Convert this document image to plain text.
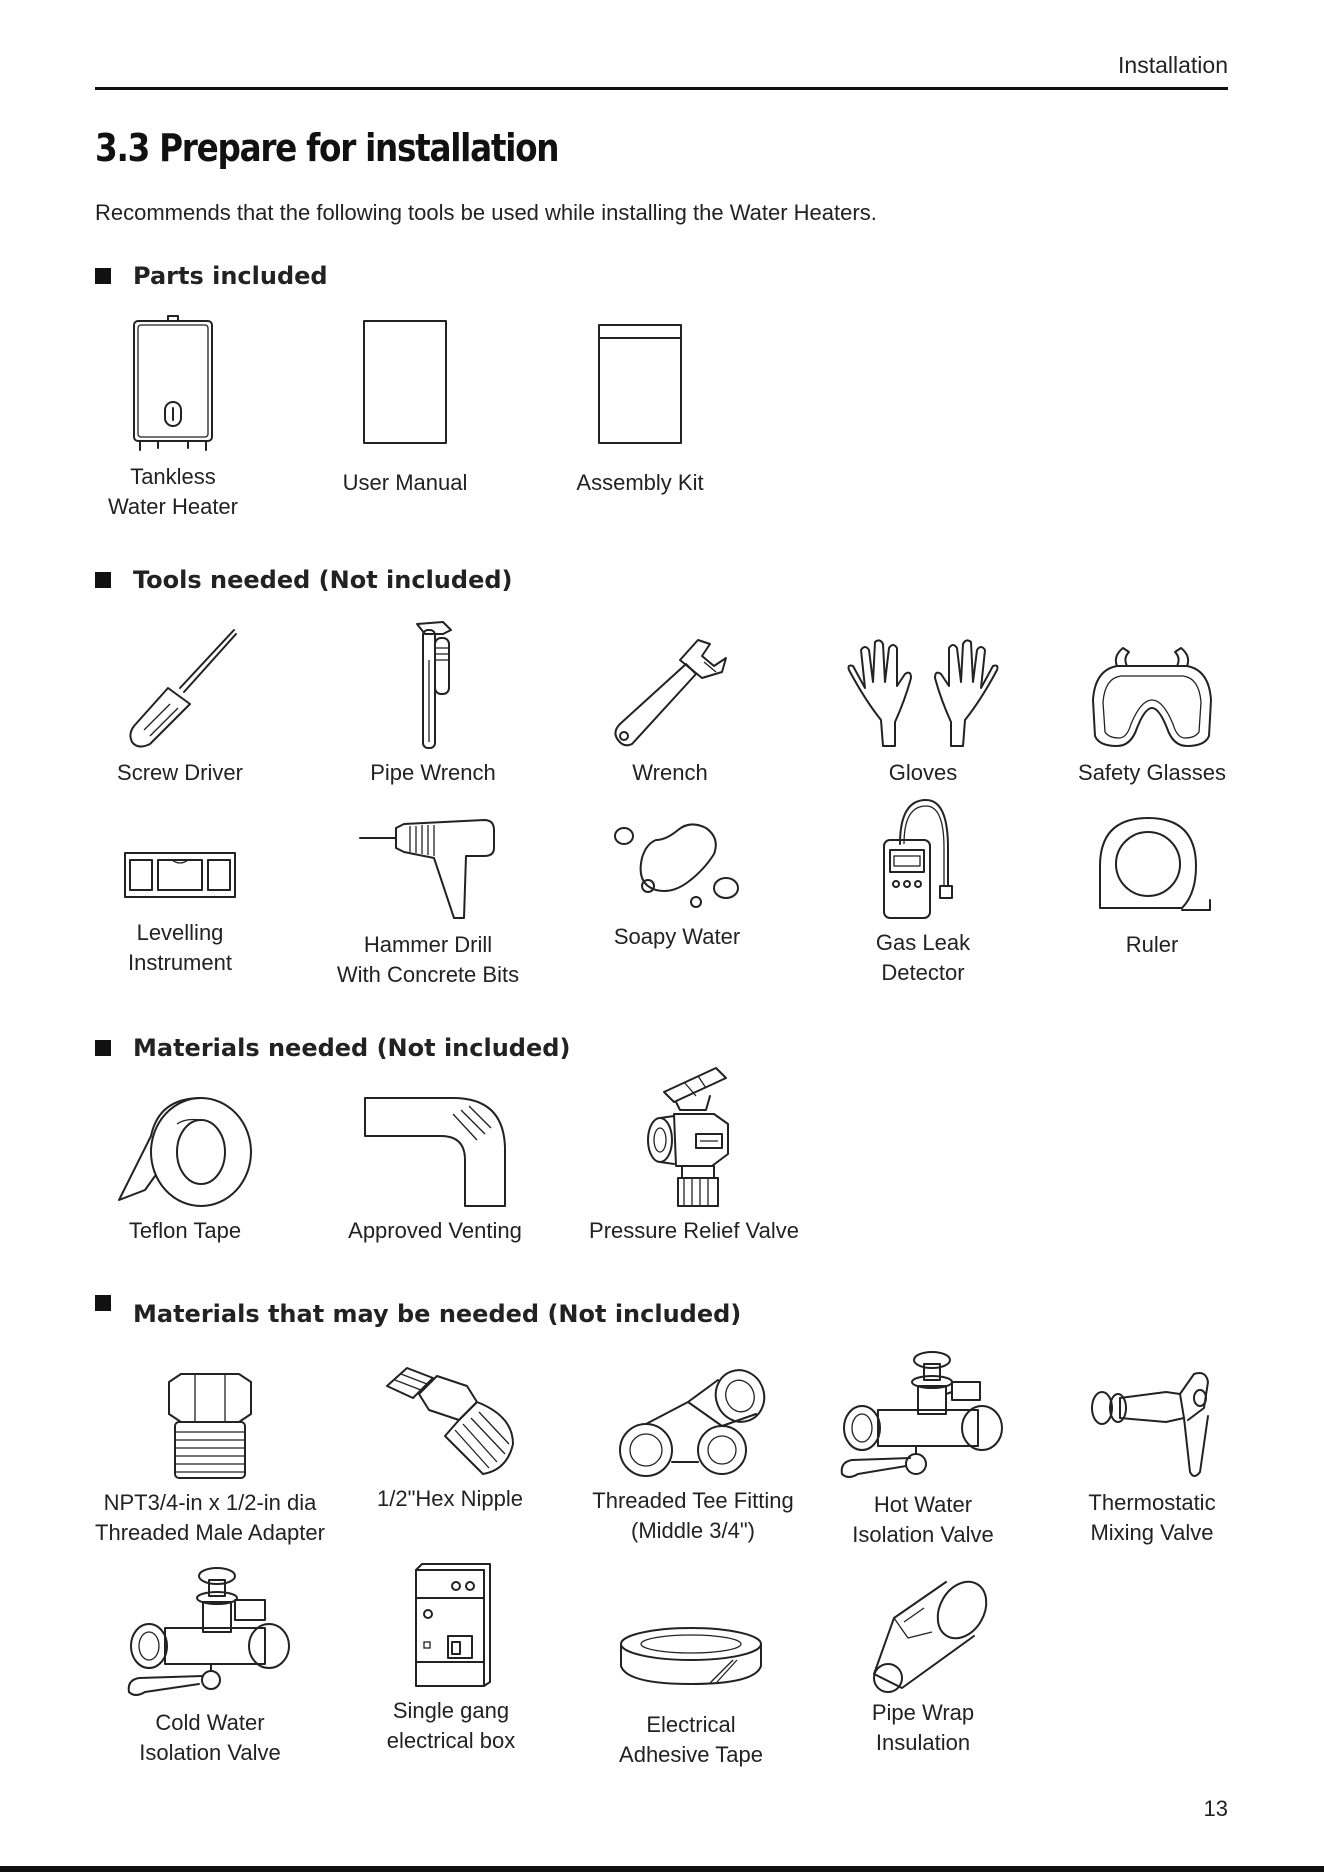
Installation
3.3 Prepare for installation
Recommends that the following tools be used while installing the Water Heaters.
Parts included
Tankless
Water Heater
User Manual	Assembly Kit
Tools needed (Not included)
Screw Driver	Pipe Wrench	Wrench	Gloves	Safety Glasses
Levelling
Instrument
Hammer Drill
With Concrete Bits
Soapy Water	Gas Leak Detector
Ruler
Materials needed (Not included)
Teflon Tape	Approved Venting	Pressure Relief Valve
Materials that may be needed (Not included)
NPT3/4-in x 1/2-in dia
Threaded Male Adapter
1/2"Hex Nipple	Threaded Tee Fitting
(Middle 3/4")
Hot Water
Isolation Valve
Thermostatic
Mixing Valve
Cold Water
Isolation Valve
Single gang
electrical box
Electrical
Adhesive Tape
Pipe Wrap
Insulation
13
